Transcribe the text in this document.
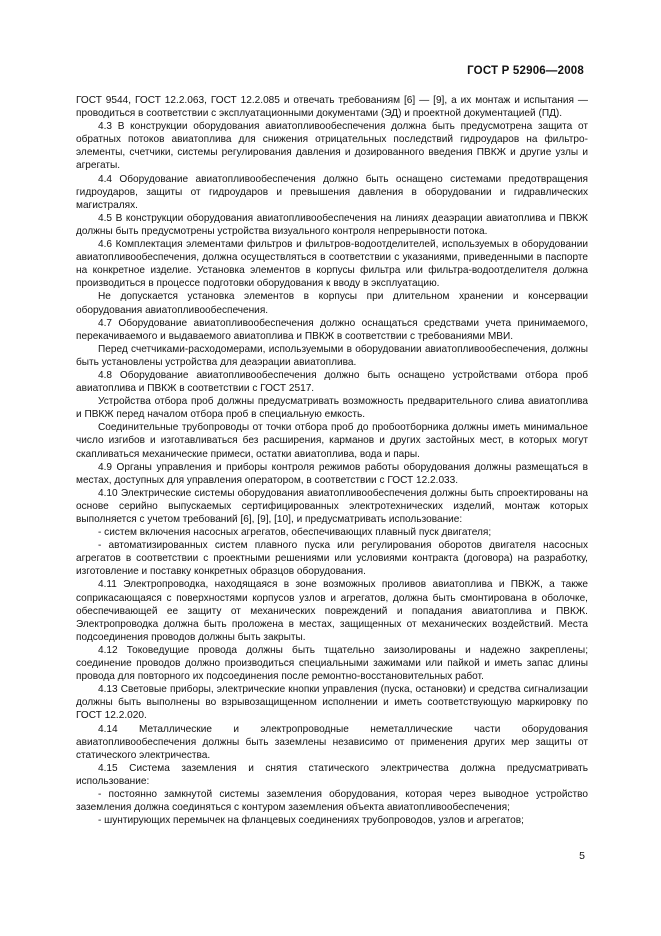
ГОСТ Р 52906—2008

ГОСТ 9544, ГОСТ 12.2.063, ГОСТ 12.2.085 и отвечать требованиям [6] — [9], а их монтаж и испытания — проводиться в соответствии с эксплуатационными документами (ЭД) и проектной документацией (ПД).

4.3 В конструкции оборудования авиатопливообеспечения должна быть предусмотрена защита от обратных потоков авиатоплива для снижения отрицательных последствий гидроударов на фильтро-элементы, счетчики, системы регулирования давления и дозированного введения ПВКЖ и другие узлы и агрегаты.

4.4 Оборудование авиатопливообеспечения должно быть оснащено системами предотвращения гидроударов, защиты от гидроударов и превышения давления в оборудовании и гидравлических магистралях.

4.5 В конструкции оборудования авиатопливообеспечения на линиях деаэрации авиатоплива и ПВКЖ должны быть предусмотрены устройства визуального контроля непрерывности потока.

4.6 Комплектация элементами фильтров и фильтров-водоотделителей, используемых в оборудовании авиатопливообеспечения, должна осуществляться в соответствии с указаниями, приведенными в паспорте на конкретное изделие. Установка элементов в корпусы фильтра или фильтра-водоотделителя должна производиться в процессе подготовки оборудования к вводу в эксплуатацию.

Не допускается установка элементов в корпусы при длительном хранении и консервации оборудования авиатопливообеспечения.

4.7 Оборудование авиатопливообеспечения должно оснащаться средствами учета принимаемого, перекачиваемого и выдаваемого авиатоплива и ПВКЖ в соответствии с требованиями МВИ.

Перед счетчиками-расходомерами, используемыми в оборудовании авиатопливообеспечения, должны быть установлены устройства для деаэрации авиатоплива.

4.8 Оборудование авиатопливообеспечения должно быть оснащено устройствами отбора проб авиатоплива и ПВКЖ в соответствии с ГОСТ 2517.

Устройства отбора проб должны предусматривать возможность предварительного слива авиатоплива и ПВКЖ перед началом отбора проб в специальную емкость.

Соединительные трубопроводы от точки отбора проб до пробоотборника должны иметь минимальное число изгибов и изготавливаться без расширения, карманов и других застойных мест, в которых могут скапливаться механические примеси, остатки авиатоплива, вода и пары.

4.9 Органы управления и приборы контроля режимов работы оборудования должны размещаться в местах, доступных для управления оператором, в соответствии с ГОСТ 12.2.033.

4.10 Электрические системы оборудования авиатопливообеспечения должны быть спроектированы на основе серийно выпускаемых сертифицированных электротехнических изделий, монтаж которых выполняется с учетом требований [6], [9], [10], и предусматривать использование:

- систем включения насосных агрегатов, обеспечивающих плавный пуск двигателя;

- автоматизированных систем плавного пуска или регулирования оборотов двигателя насосных агрегатов в соответствии с проектными решениями или условиями контракта (договора) на разработку, изготовление и поставку конкретных образцов оборудования.

4.11 Электропроводка, находящаяся в зоне возможных проливов авиатоплива и ПВКЖ, а также соприкасающаяся с поверхностями корпусов узлов и агрегатов, должна быть смонтирована в оболочке, обеспечивающей ее защиту от механических повреждений и попадания авиатоплива и ПВКЖ. Электропроводка должна быть проложена в местах, защищенных от механических воздействий. Места подсоединения проводов должны быть закрыты.

4.12 Токоведущие провода должны быть тщательно заизолированы и надежно закреплены; соединение проводов должно производиться специальными зажимами или пайкой и иметь запас длины провода для повторного их подсоединения после ремонтно-восстановительных работ.

4.13 Световые приборы, электрические кнопки управления (пуска, остановки) и средства сигнализации должны быть выполнены во взрывозащищенном исполнении и иметь соответствующую маркировку по ГОСТ 12.2.020.

4.14 Металлические и электропроводные неметаллические части оборудования авиатопливообеспечения должны быть заземлены независимо от применения других мер защиты от статического электричества.

4.15 Система заземления и снятия статического электричества должна предусматривать использование:

- постоянно замкнутой системы заземления оборудования, которая через выводное устройство заземления должна соединяться с контуром заземления объекта авиатопливообеспечения;

- шунтирующих перемычек на фланцевых соединениях трубопроводов, узлов и агрегатов;

5
